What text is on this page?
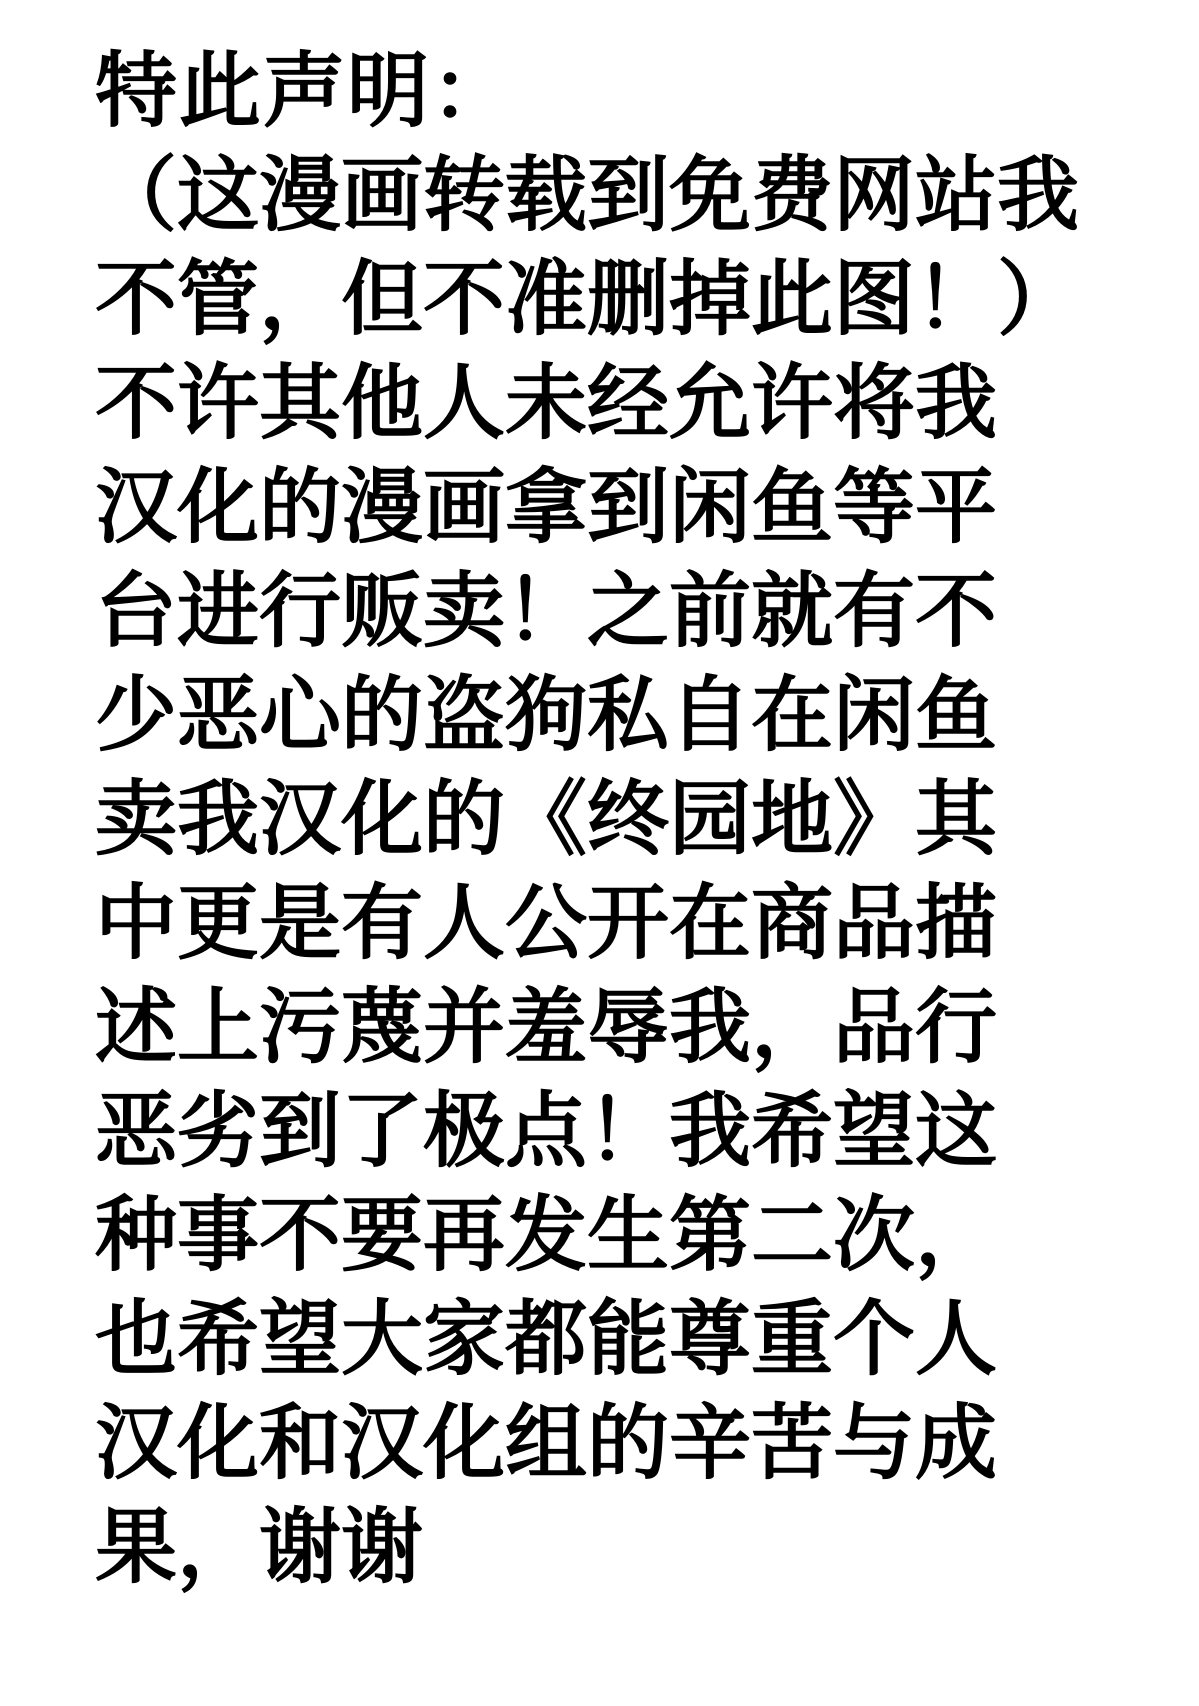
特此声明：
（这漫画转载到免费网站我
不管，但不准删掉此图！）
不许其他人未经允许将我
汉化的漫画拿到闲鱼等平
台进行贩卖！之前就有不
少恶心的盗狗私自在闲鱼
卖我汉化的《终园地》其
中更是有人公开在商品描
述上污蔑并羞辱我，品行
恶劣到了极点！我希望这
种事不要再发生第二次，
也希望大家都能尊重个人
汉化和汉化组的辛苦与成
果，谢谢
